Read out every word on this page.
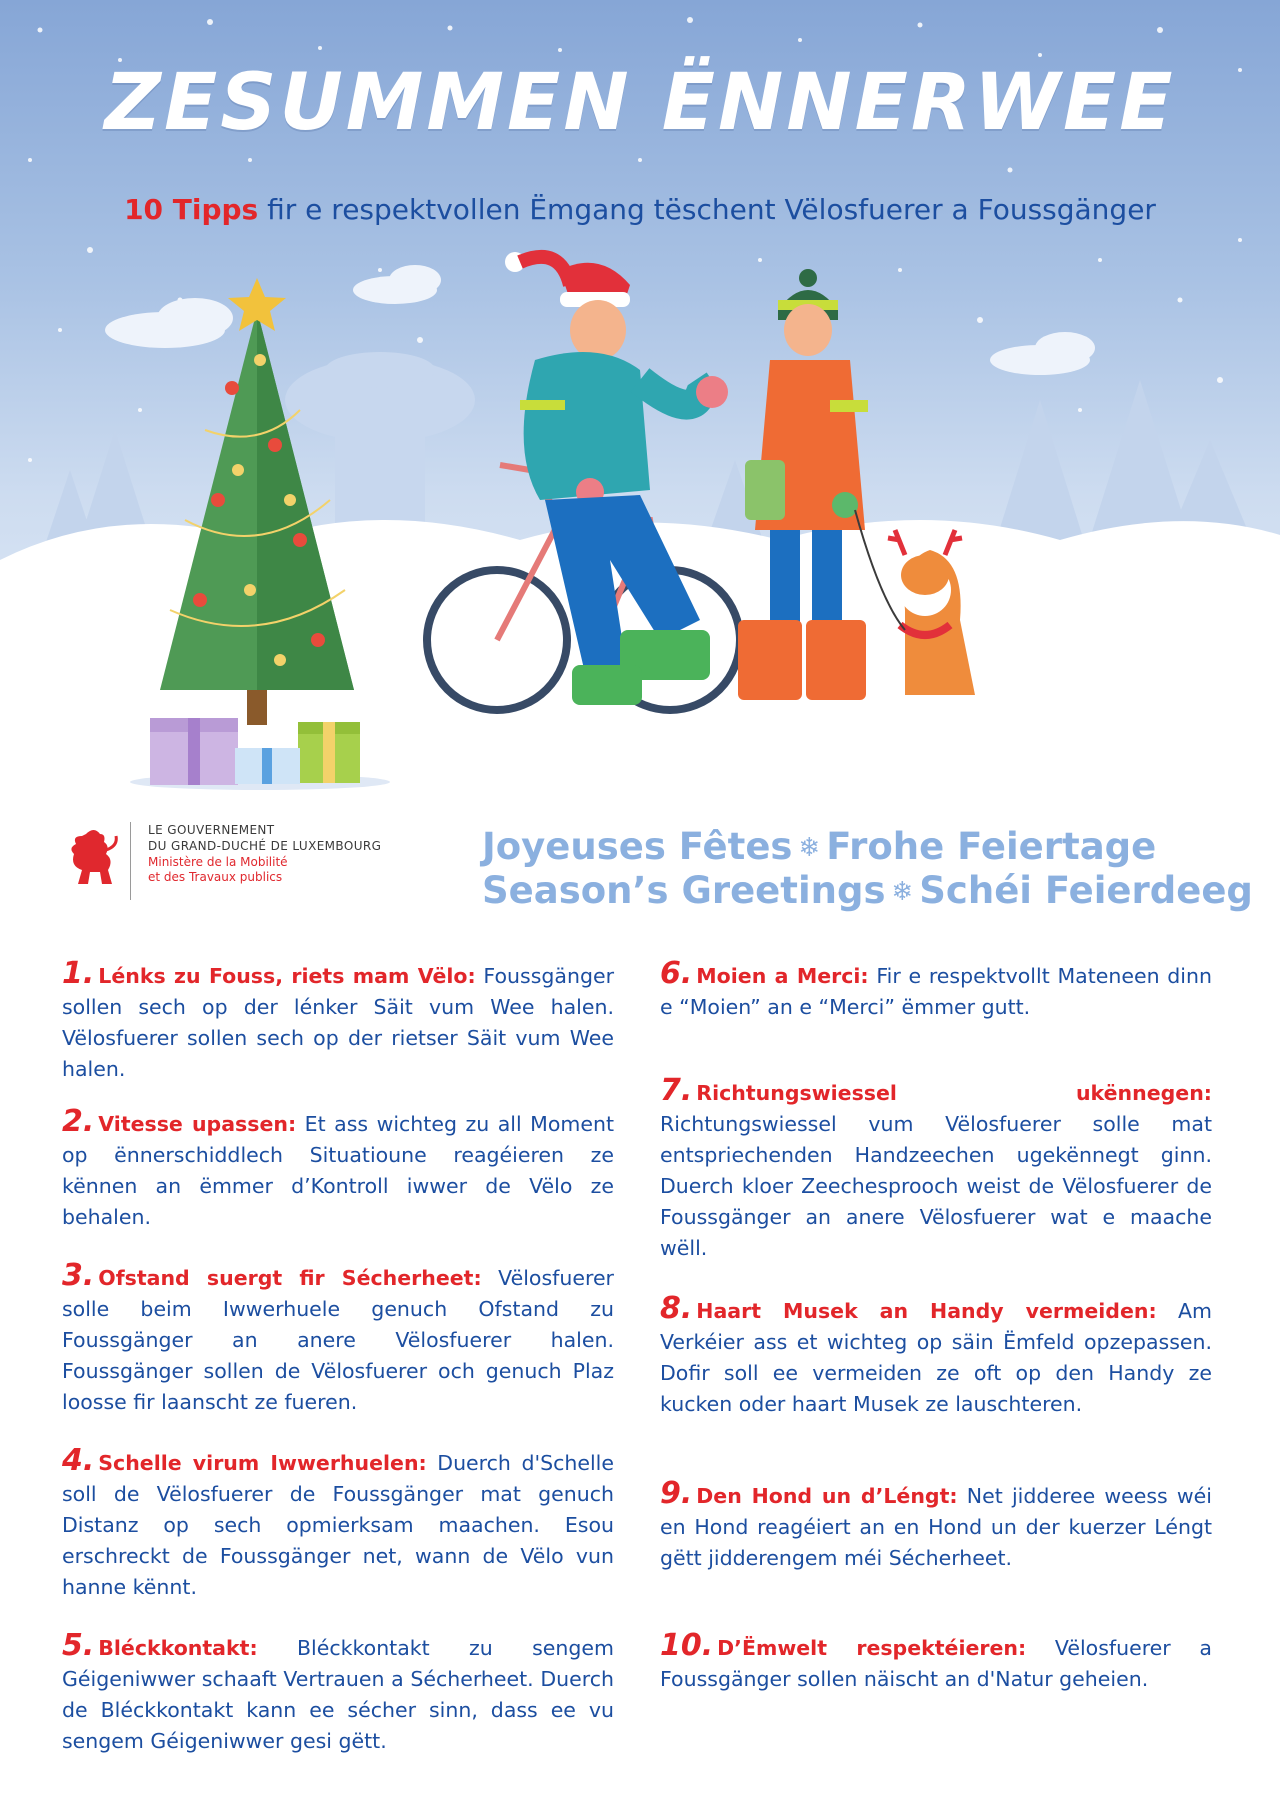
ZESUMMEN ËNNERWEE

10 Tipps fir e respektvollen Ëmgang tëschent Vëlosfuerer a Foussgänger

LE GOUVERNEMENT
DU GRAND-DUCHÉ DE LUXEMBOURG
Ministère de la Mobilité
et des Travaux publics
Joyeuses Fêtes ❄ Frohe Feiertage
Season’s Greetings ❄ Schéi Feierdeeg
1. Lénks zu Fouss, riets mam Vëlo: Foussgänger sollen sech op der lénker Säit vum Wee halen. Vëlosfuerer sollen sech op der rietser Säit vum Wee halen.
2. Vitesse upassen: Et ass wichteg zu all Moment op ënnerschiddlech Situatioune reagéieren ze kënnen an ëmmer d’Kontroll iwwer de Vëlo ze behalen.
3. Ofstand suergt fir Sécherheet: Vëlosfuerer solle beim Iwwerhuele genuch Ofstand zu Foussgänger an anere Vëlosfuerer halen. Foussgänger sollen de Vëlosfuerer och genuch Plaz loosse fir laanscht ze fueren.
4. Schelle virum Iwwerhuelen: Duerch d'Schelle soll de Vëlosfuerer de Foussgänger mat genuch Distanz op sech opmierksam maachen. Esou erschreckt de Foussgänger net, wann de Vëlo vun hanne kënnt.
5. Bléckkontakt: Bléckkontakt zu sengem Géigeniwwer schaaft Vertrauen a Sécherheet. Duerch de Bléckkontakt kann ee sécher sinn, dass ee vu sengem Géigeniwwer gesi gëtt.
6. Moien a Merci: Fir e respektvollt Mateneen dinn e “Moien” an e “Merci” ëmmer gutt.
7. Richtungswiessel ukënnegen: Richtungswiessel vum Vëlosfuerer solle mat entspriechenden Handzeechen ugekënnegt ginn. Duerch kloer Zeechesprooch weist de Vëlosfuerer de Foussgänger an anere Vëlosfuerer wat e maache wëll.
8. Haart Musek an Handy vermeiden: Am Verkéier ass et wichteg op säin Ëmfeld opzepassen. Dofir soll ee vermeiden ze oft op den Handy ze kucken oder haart Musek ze lauschteren.
9. Den Hond un d’Léngt: Net jidderee weess wéi en Hond reagéiert an en Hond un der kuerzer Léngt gëtt jidderengem méi Sécherheet.
10. D’Ëmwelt respektéieren: Vëlosfuerer a Foussgänger sollen näischt an d'Natur geheien.
